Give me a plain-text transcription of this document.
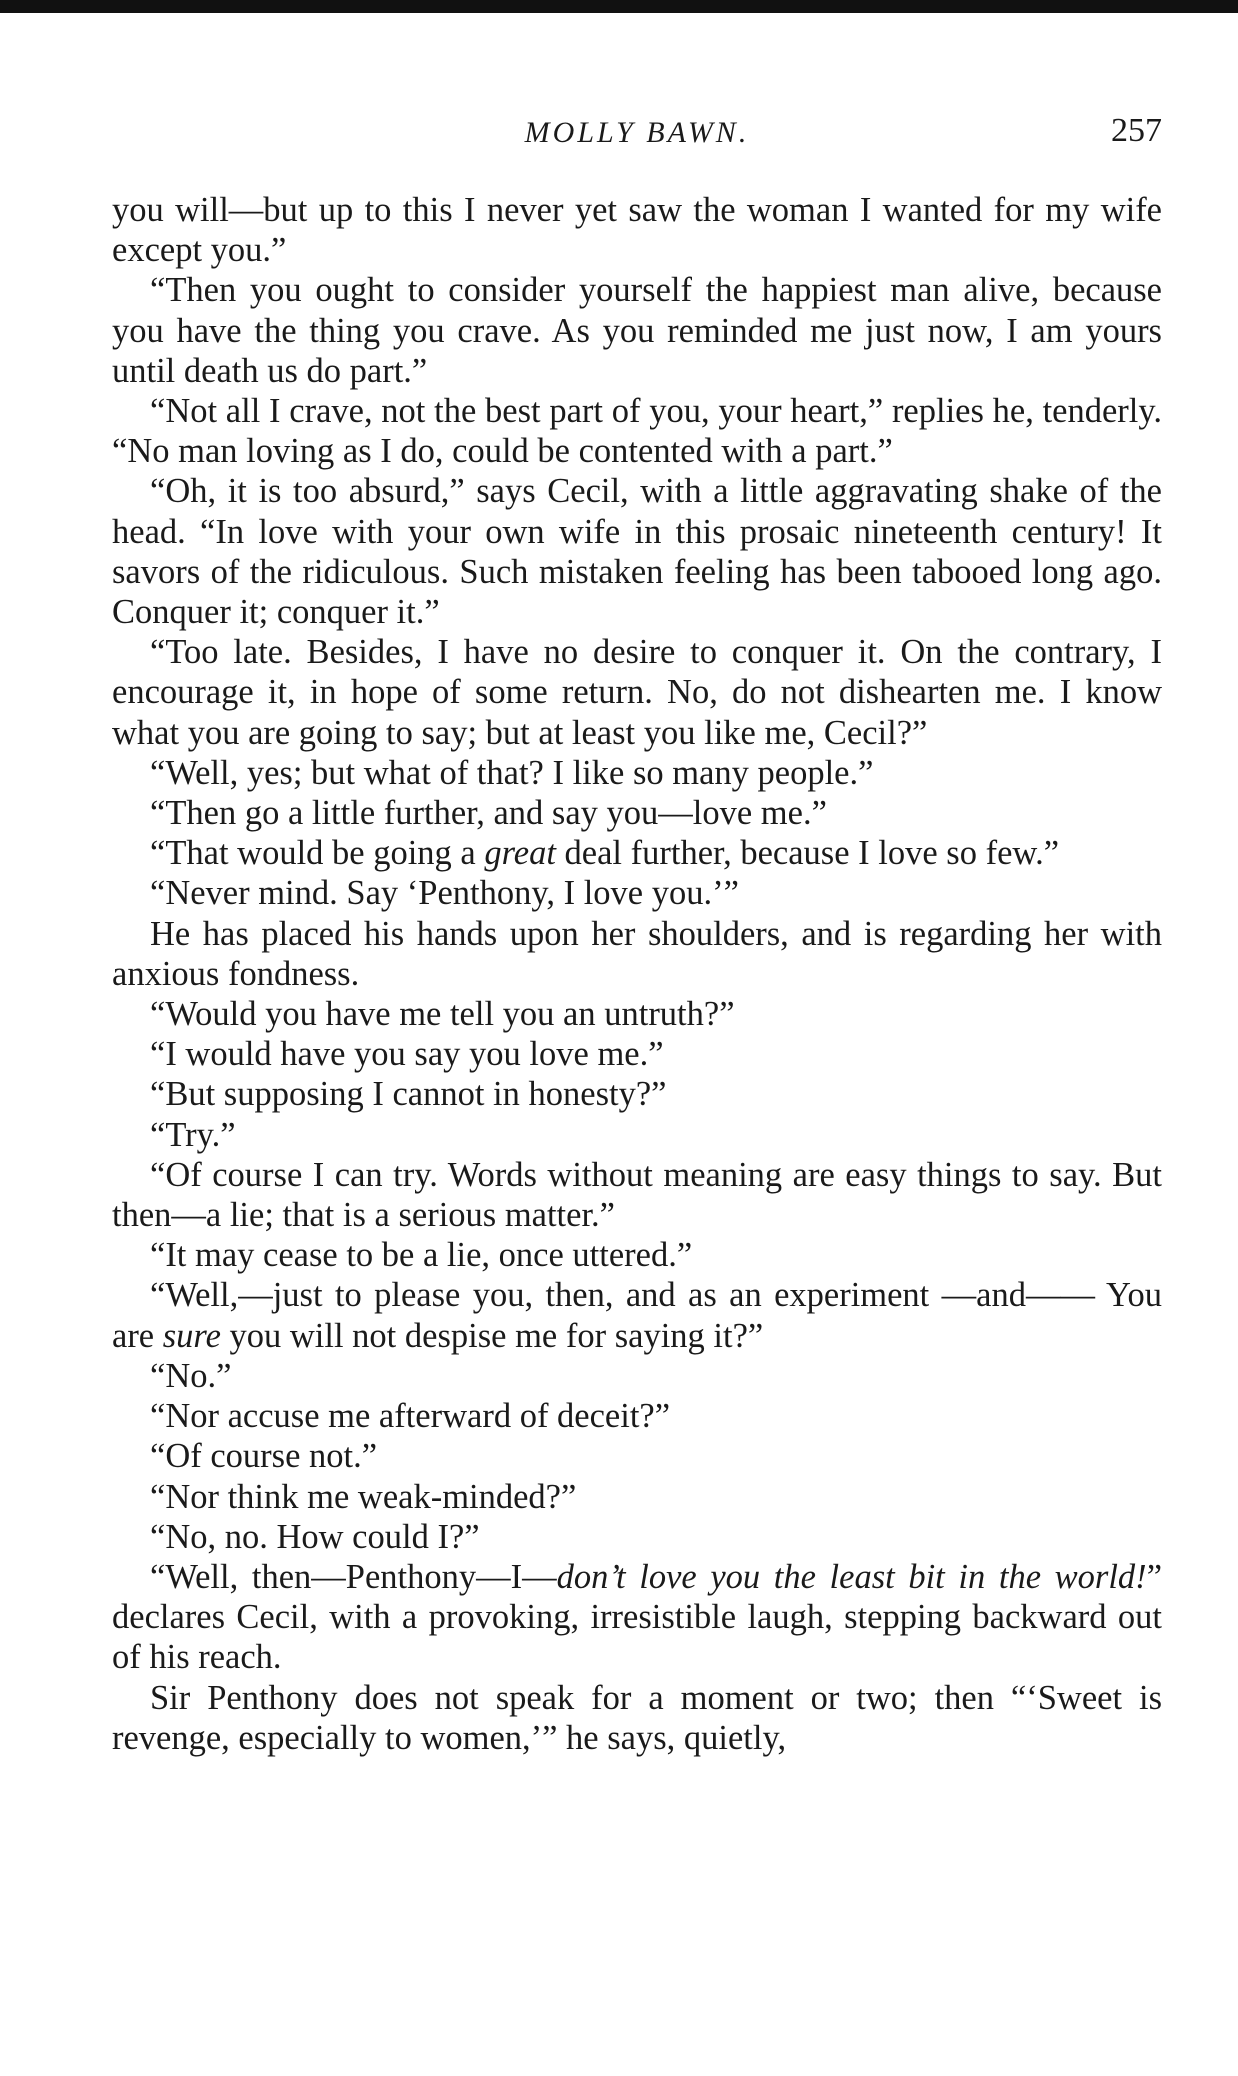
MOLLY BAWN.	257

you will—but up to this I never yet saw the woman I wanted for my wife except you.”

“Then you ought to consider yourself the happiest man alive, because you have the thing you crave. As you reminded me just now, I am yours until death us do part.”

“Not all I crave, not the best part of you, your heart,” replies he, tenderly. “No man loving as I do, could be contented with a part.”

“Oh, it is too absurd,” says Cecil, with a little aggravating shake of the head. “In love with your own wife in this prosaic nineteenth century! It savors of the ridiculous. Such mistaken feeling has been tabooed long ago. Conquer it; conquer it.”

“Too late. Besides, I have no desire to conquer it. On the contrary, I encourage it, in hope of some return. No, do not dishearten me. I know what you are going to say; but at least you like me, Cecil?”

“Well, yes; but what of that? I like so many people.”

“Then go a little further, and say you—love me.”

“That would be going a great deal further, because I love so few.”

“Never mind. Say ‘Penthony, I love you.’”

He has placed his hands upon her shoulders, and is regarding her with anxious fondness.

“Would you have me tell you an untruth?”

“I would have you say you love me.”

“But supposing I cannot in honesty?”

“Try.”

“Of course I can try. Words without meaning are easy things to say. But then—a lie; that is a serious matter.”

“It may cease to be a lie, once uttered.”

“Well,—just to please you, then, and as an experiment —and—— You are sure you will not despise me for saying it?”

“No.”

“Nor accuse me afterward of deceit?”

“Of course not.”

“Nor think me weak-minded?”

“No, no. How could I?”

“Well, then—Penthony—I—don’t love you the least bit in the world!” declares Cecil, with a provoking, irresistible laugh, stepping backward out of his reach.

Sir Penthony does not speak for a moment or two; then “‘Sweet is revenge, especially to women,’” he says, quietly,
